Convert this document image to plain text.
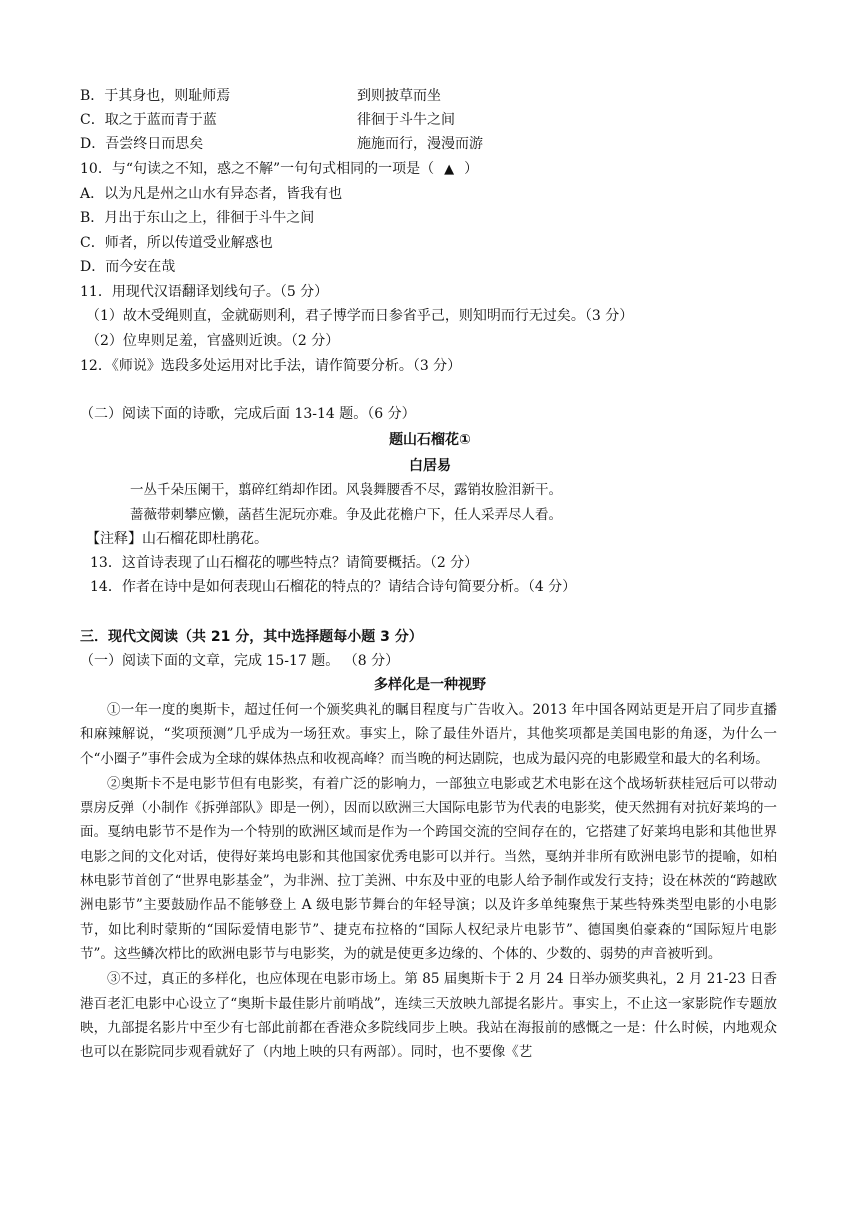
B．于其身也，则耻师焉	到则披草而坐
C．取之于蓝而青于蓝	徘徊于斗牛之间
D．吾尝终日而思矣	施施而行，漫漫而游
10．与“句读之不知，惑之不解”一句句式相同的一项是（ ▲ ）
A．以为凡是州之山水有异态者，皆我有也
B．月出于东山之上，徘徊于斗牛之间
C．师者，所以传道受业解惑也
D．而今安在哉
11．用现代汉语翻译划线句子。（5 分）
（1）故木受绳则直，金就砺则利，君子博学而日参省乎己，则知明而行无过矣。（3 分）
（2）位卑则足羞，官盛则近谀。（2 分）
12．《师说》选段多处运用对比手法，请作简要分析。（3 分）
（二）阅读下面的诗歌，完成后面 13-14 题。（6 分）
题山石榴花①
白居易
一丛千朵压阑干，翦碎红绡却作团。风袅舞腰香不尽，露销妆脸泪新干。
蔷薇带刺攀应懒，菡萏生泥玩亦难。争及此花檐户下，任人采弄尽人看。
【注释】山石榴花即杜鹃花。
13．这首诗表现了山石榴花的哪些特点？请简要概括。（2 分）
14．作者在诗中是如何表现山石榴花的特点的？请结合诗句简要分析。（4 分）
三．现代文阅读（共 21 分，其中选择题每小题 3 分）
（一）阅读下面的文章，完成 15-17 题。 （8 分）
多样化是一种视野

①一年一度的奥斯卡，超过任何一个颁奖典礼的瞩目程度与广告收入。2013 年中国各网站更是开启了同步直播和麻辣解说，“奖项预测”几乎成为一场狂欢。事实上，除了最佳外语片，其他奖项都是美国电影的角逐，为什么一个“小圈子”事件会成为全球的媒体热点和收视高峰？而当晚的柯达剧院，也成为最闪亮的电影殿堂和最大的名利场。

②奥斯卡不是电影节但有电影奖，有着广泛的影响力，一部独立电影或艺术电影在这个战场斩获桂冠后可以带动票房反弹（小制作《拆弹部队》即是一例），因而以欧洲三大国际电影节为代表的电影奖，使天然拥有对抗好莱坞的一面。戛纳电影节不是作为一个特别的欧洲区域而是作为一个跨国交流的空间存在的，它搭建了好莱坞电影和其他世界电影之间的文化对话，使得好莱坞电影和其他国家优秀电影可以并行。当然，戛纳并非所有欧洲电影节的提喻，如柏林电影节首创了“世界电影基金”，为非洲、拉丁美洲、中东及中亚的电影人给予制作或发行支持；设在林茨的“跨越欧洲电影节”主要鼓励作品不能够登上 A 级电影节舞台的年轻导演；以及许多单纯聚焦于某些特殊类型电影的小电影节，如比利时蒙斯的“国际爱情电影节”、捷克布拉格的“国际人权纪录片电影节”、德国奥伯豪森的“国际短片电影节”。这些鳞次栉比的欧洲电影节与电影奖，为的就是使更多边缘的、个体的、少数的、弱势的声音被听到。

③不过，真正的多样化，也应体现在电影市场上。第 85 届奥斯卡于 2 月 24 日举办颁奖典礼，2 月 21-23 日香港百老汇电影中心设立了“奥斯卡最佳影片前哨战”，连续三天放映九部提名影片。事实上，不止这一家影院作专题放映，九部提名影片中至少有七部此前都在香港众多院线同步上映。我站在海报前的感慨之一是：什么时候，内地观众也可以在影院同步观看就好了（内地上映的只有两部）。同时，也不要像《艺
